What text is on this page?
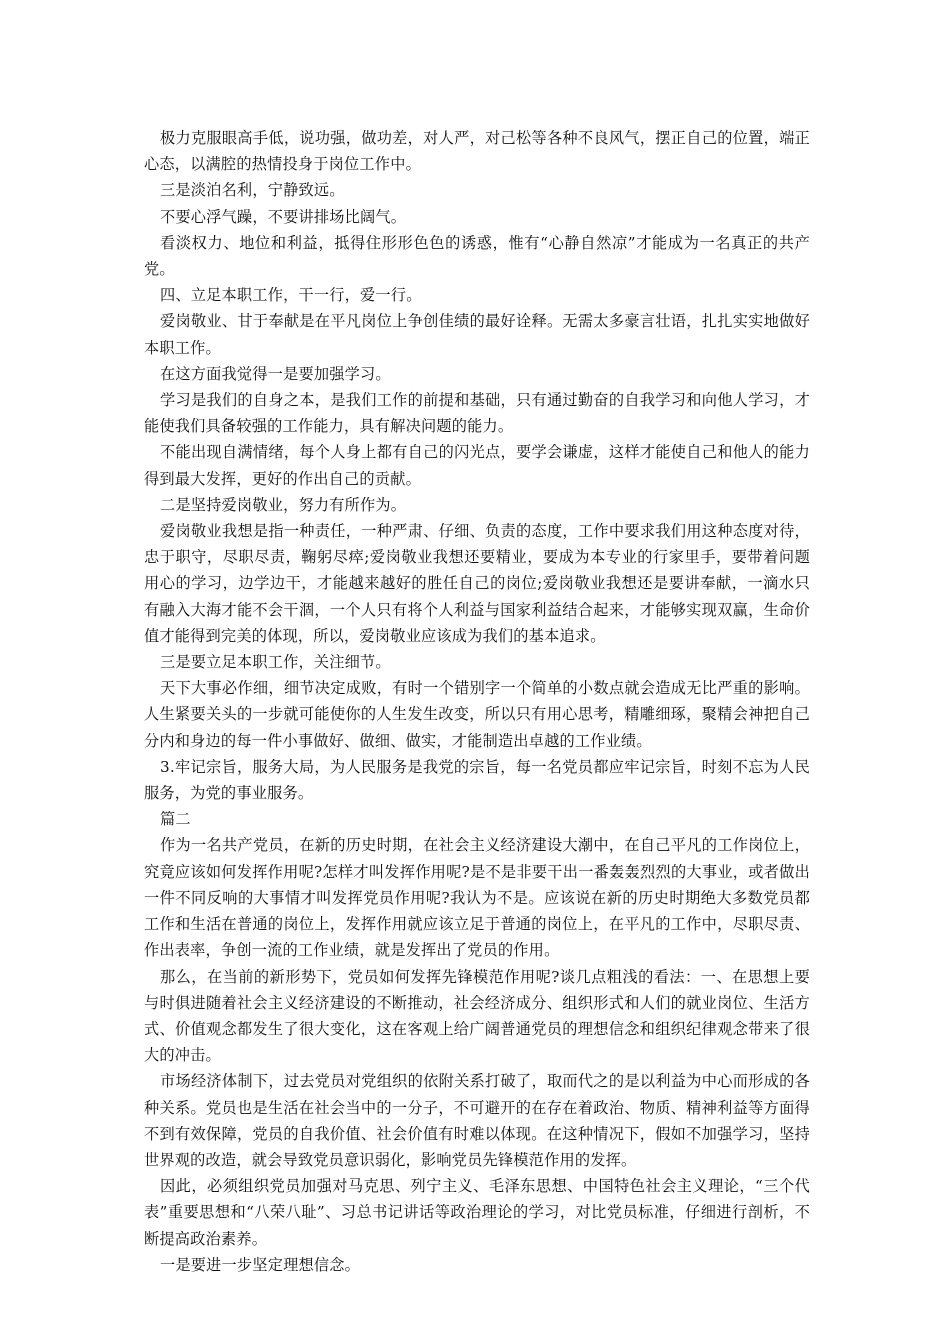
极力克服眼高手低，说功强，做功差，对人严，对己松等各种不良风气，摆正自己的位置，端正心态，以满腔的热情投身于岗位工作中。

三是淡泊名利，宁静致远。

不要心浮气躁，不要讲排场比阔气。

看淡权力、地位和利益，抵得住形形色色的诱惑，惟有“心静自然凉”才能成为一名真正的共产党。

四、立足本职工作，干一行，爱一行。

爱岗敬业、甘于奉献是在平凡岗位上争创佳绩的最好诠释。无需太多豪言壮语，扎扎实实地做好本职工作。

在这方面我觉得一是要加强学习。

学习是我们的自身之本，是我们工作的前提和基础，只有通过勤奋的自我学习和向他人学习，才能使我们具备较强的工作能力，具有解决问题的能力。

不能出现自满情绪，每个人身上都有自己的闪光点，要学会谦虚，这样才能使自己和他人的能力得到最大发挥，更好的作出自己的贡献。

二是坚持爱岗敬业，努力有所作为。

爱岗敬业我想是指一种责任，一种严肃、仔细、负责的态度，工作中要求我们用这种态度对待，忠于职守，尽职尽责，鞠躬尽瘁;爱岗敬业我想还要精业，要成为本专业的行家里手，要带着问题用心的学习，边学边干，才能越来越好的胜任自己的岗位;爱岗敬业我想还是要讲奉献，一滴水只有融入大海才能不会干涸，一个人只有将个人利益与国家利益结合起来，才能够实现双赢，生命价值才能得到完美的体现，所以，爱岗敬业应该成为我们的基本追求。

三是要立足本职工作，关注细节。

天下大事必作细，细节决定成败，有时一个错别字一个简单的小数点就会造成无比严重的影响。人生紧要关头的一步就可能使你的人生发生改变，所以只有用心思考，精雕细琢，聚精会神把自己分内和身边的每一件小事做好、做细、做实，才能制造出卓越的工作业绩。

3.牢记宗旨，服务大局，为人民服务是我党的宗旨，每一名党员都应牢记宗旨，时刻不忘为人民服务，为党的事业服务。

篇二

作为一名共产党员，在新的历史时期，在社会主义经济建设大潮中，在自己平凡的工作岗位上，究竟应该如何发挥作用呢?怎样才叫发挥作用呢?是不是非要干出一番轰轰烈烈的大事业，或者做出一件不同反响的大事情才叫发挥党员作用呢?我认为不是。应该说在新的历史时期绝大多数党员都工作和生活在普通的岗位上，发挥作用就应该立足于普通的岗位上，在平凡的工作中，尽职尽责、作出表率，争创一流的工作业绩，就是发挥出了党员的作用。

那么，在当前的新形势下，党员如何发挥先锋模范作用呢?谈几点粗浅的看法：一、在思想上要与时俱进随着社会主义经济建设的不断推动，社会经济成分、组织形式和人们的就业岗位、生活方式、价值观念都发生了很大变化，这在客观上给广阔普通党员的理想信念和组织纪律观念带来了很大的冲击。

市场经济体制下，过去党员对党组织的依附关系打破了，取而代之的是以利益为中心而形成的各种关系。党员也是生活在社会当中的一分子，不可避开的在存在着政治、物质、精神利益等方面得不到有效保障，党员的自我价值、社会价值有时难以体现。在这种情况下，假如不加强学习，坚持世界观的改造，就会导致党员意识弱化，影响党员先锋模范作用的发挥。

因此，必须组织党员加强对马克思、列宁主义、毛泽东思想、中国特色社会主义理论，“三个代表”重要思想和“八荣八耻”、习总书记讲话等政治理论的学习，对比党员标准，仔细进行剖析，不断提高政治素养。

一是要进一步坚定理想信念。
